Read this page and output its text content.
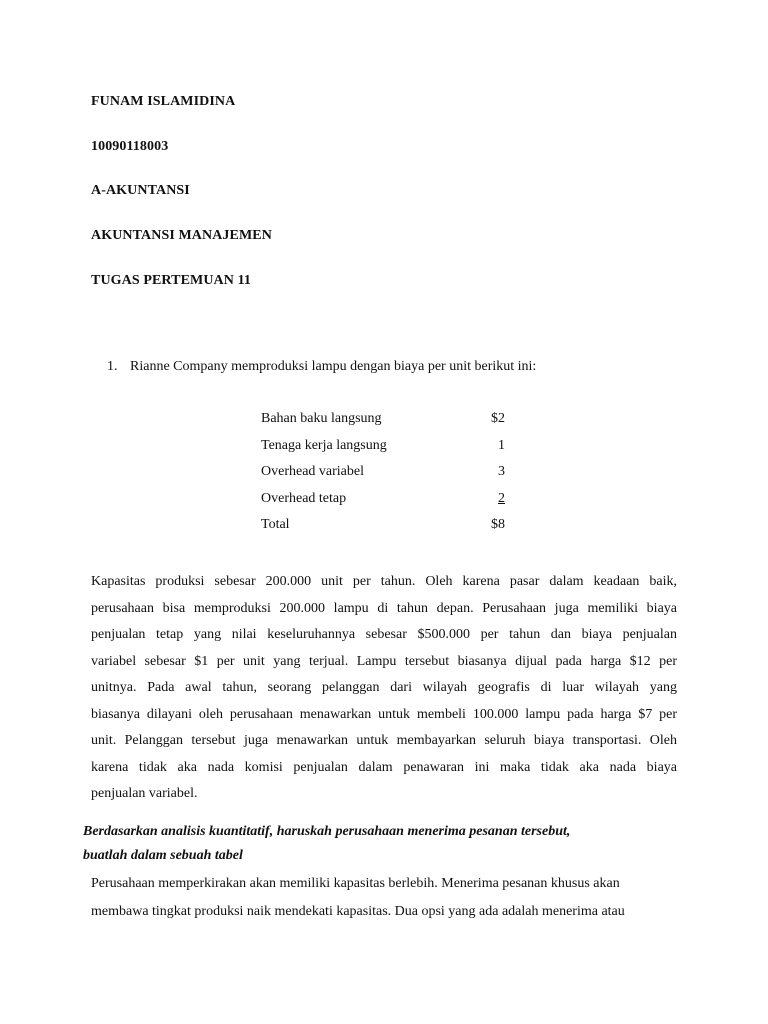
FUNAM ISLAMIDINA
10090118003
A-AKUNTANSI
AKUNTANSI MANAJEMEN
TUGAS PERTEMUAN 11
1. Rianne Company memproduksi lampu dengan biaya per unit berikut ini:
Bahan baku langsung	$2
Tenaga kerja langsung	1
Overhead variabel	3
Overhead tetap	2
Total	$8
Kapasitas produksi sebesar 200.000 unit per tahun. Oleh karena pasar dalam keadaan baik,
perusahaan bisa memproduksi 200.000 lampu di tahun depan. Perusahaan juga memiliki biaya
penjualan tetap yang nilai keseluruhannya sebesar $500.000 per tahun dan biaya penjualan
variabel sebesar $1 per unit yang terjual. Lampu tersebut biasanya dijual pada harga $12 per
unitnya. Pada awal tahun, seorang pelanggan dari wilayah geografis di luar wilayah yang
biasanya dilayani oleh perusahaan menawarkan untuk membeli 100.000 lampu pada harga $7 per
unit. Pelanggan tersebut juga menawarkan untuk membayarkan seluruh biaya transportasi. Oleh
karena tidak aka nada komisi penjualan dalam penawaran ini maka tidak aka nada biaya
penjualan variabel.
Berdasarkan analisis kuantitatif, haruskah perusahaan menerima pesanan tersebut,
buatlah dalam sebuah tabel
Perusahaan memperkirakan akan memiliki kapasitas berlebih. Menerima pesanan khusus akan
membawa tingkat produksi naik mendekati kapasitas. Dua opsi yang ada adalah menerima atau
